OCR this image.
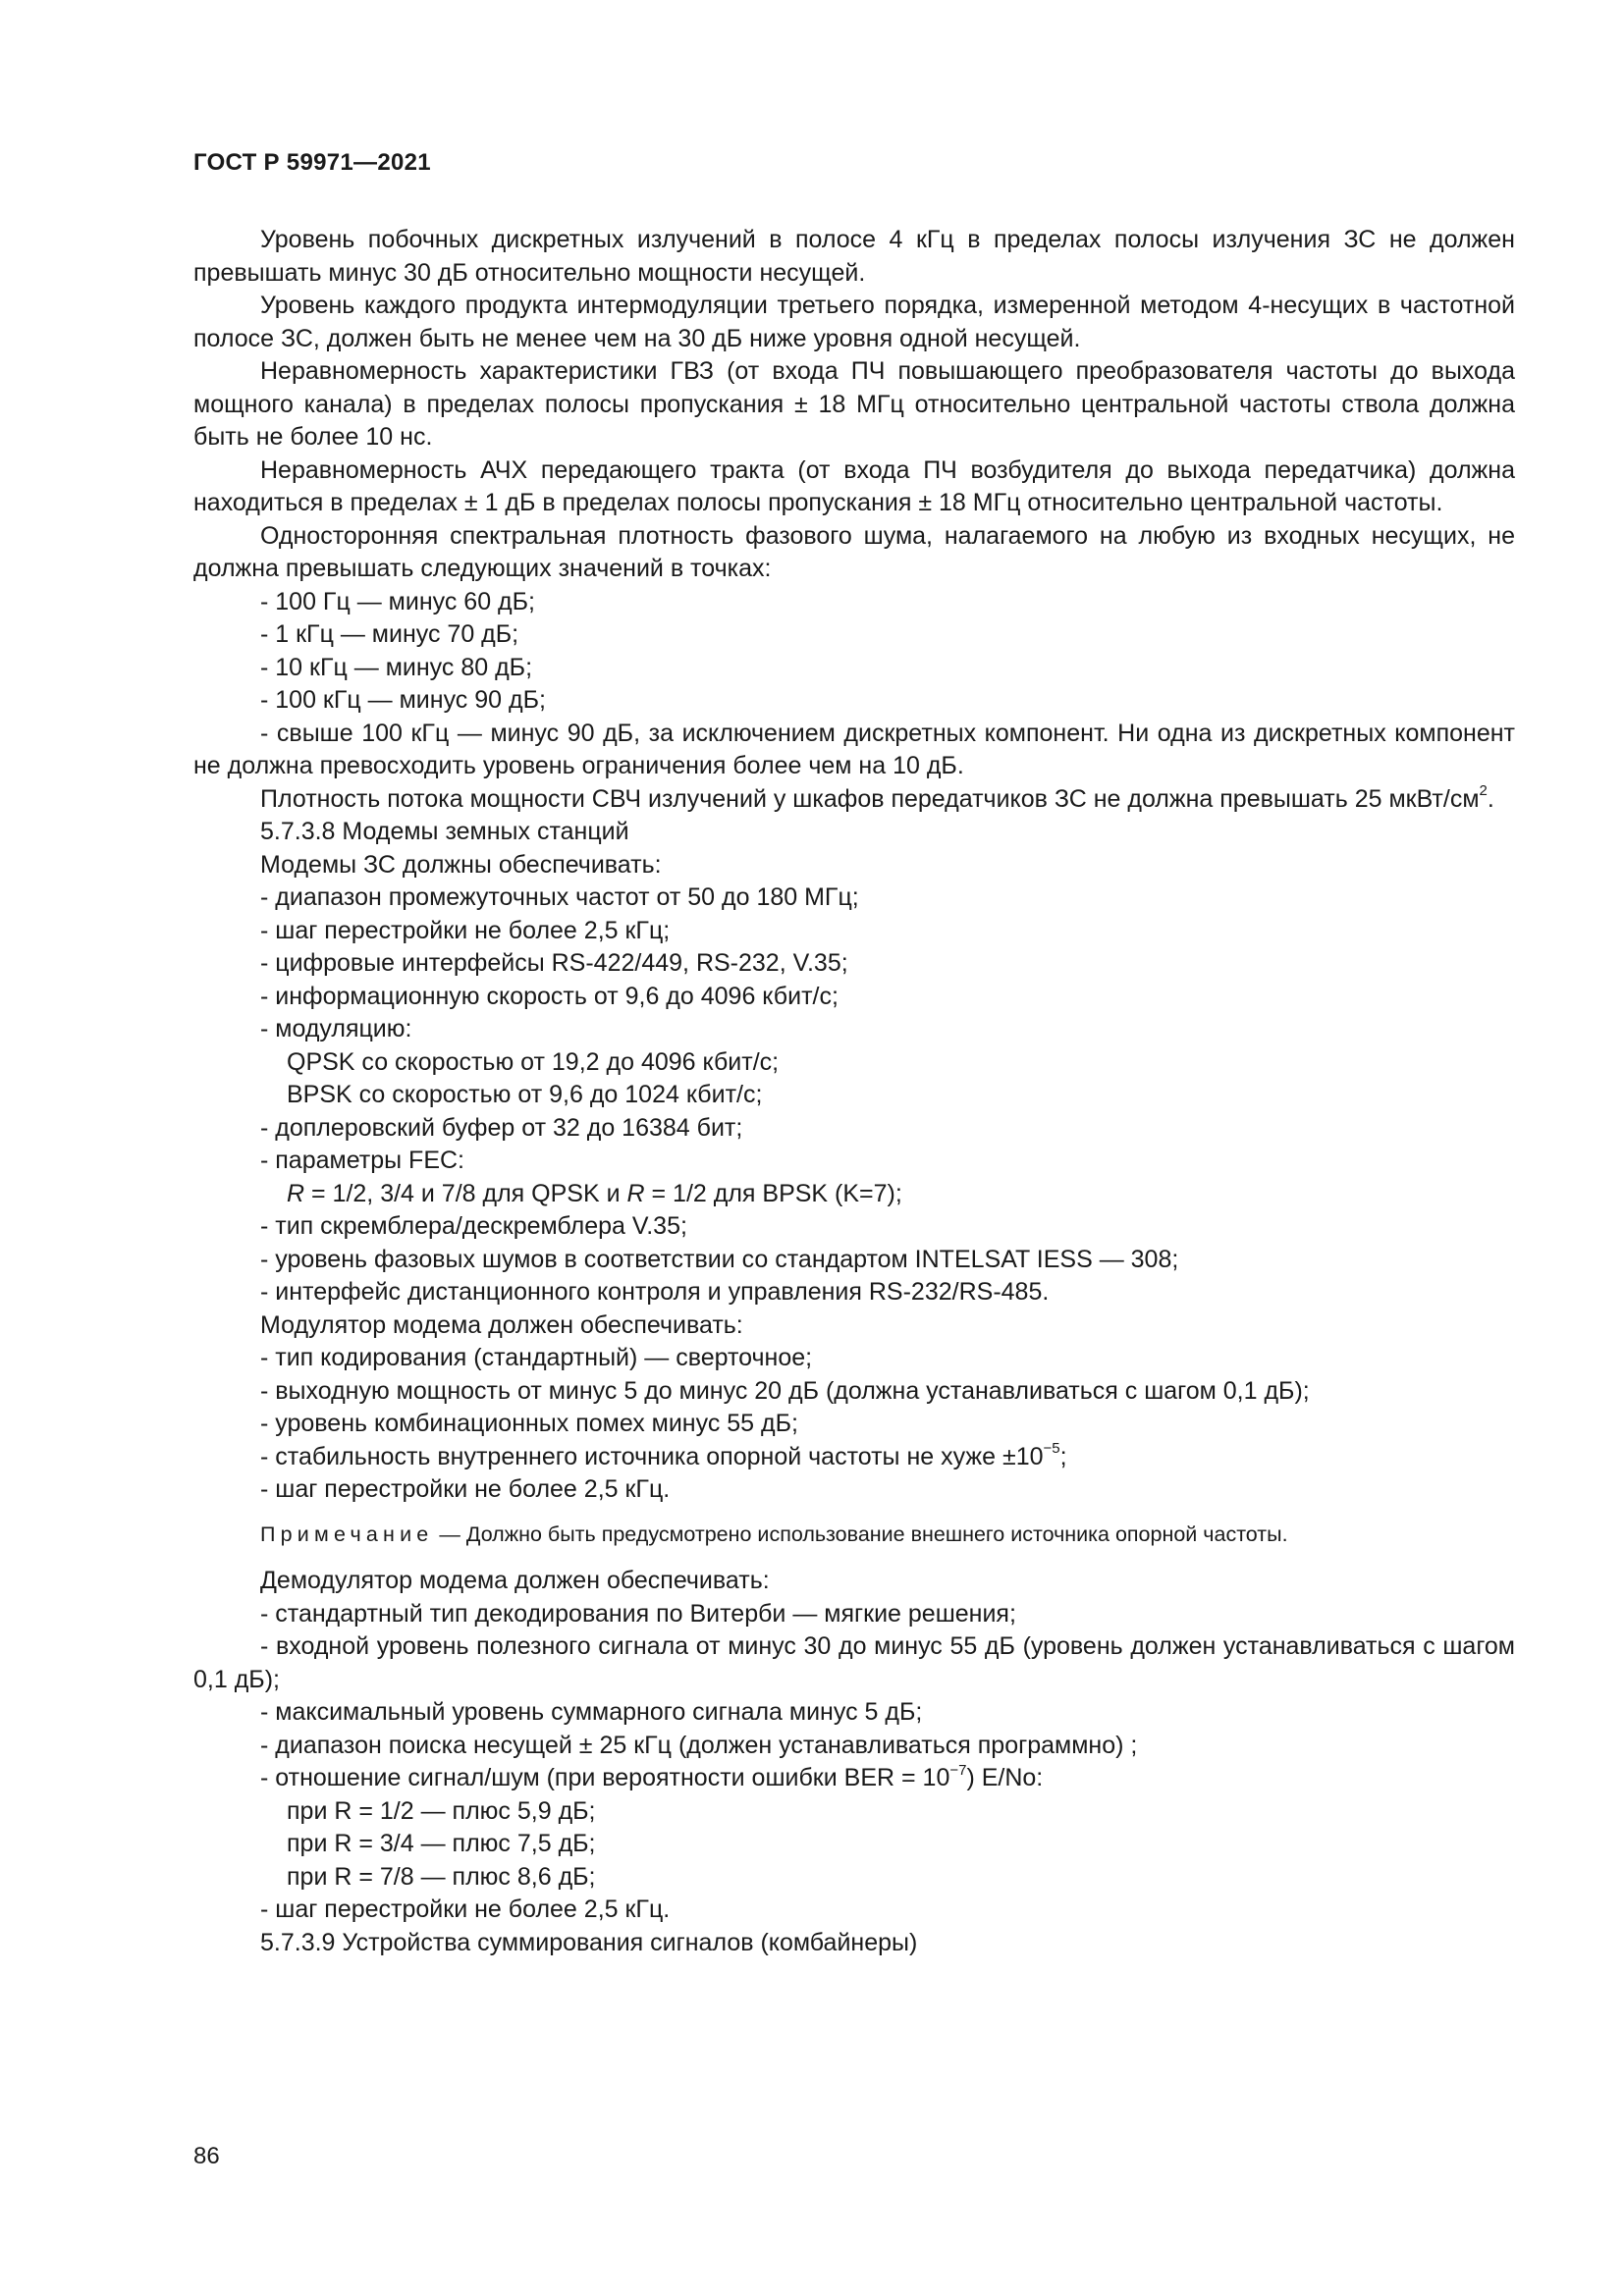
ГОСТ Р 59971—2021

Уровень побочных дискретных излучений в полосе 4 кГц в пределах полосы излучения ЗС не должен превышать минус 30 дБ относительно мощности несущей.

Уровень каждого продукта интермодуляции третьего порядка, измеренной методом 4-несущих в частотной полосе ЗС, должен быть не менее чем на 30 дБ ниже уровня одной несущей.

Неравномерность характеристики ГВЗ (от входа ПЧ повышающего преобразователя частоты до выхода мощного канала) в пределах полосы пропускания ± 18 МГц относительно центральной частоты ствола должна быть не более 10 нс.

Неравномерность АЧХ передающего тракта (от входа ПЧ возбудителя до выхода передатчика) должна находиться в пределах ± 1 дБ в пределах полосы пропускания ± 18 МГц относительно центральной частоты.

Односторонняя спектральная плотность фазового шума, налагаемого на любую из входных несущих, не должна превышать следующих значений в точках:

- 100 Гц — минус 60 дБ;

- 1 кГц — минус 70 дБ;

- 10 кГц — минус 80 дБ;

- 100 кГц — минус 90 дБ;

- свыше 100 кГц — минус 90 дБ, за исключением дискретных компонент. Ни одна из дискретных компонент не должна превосходить уровень ограничения более чем на 10 дБ.

Плотность потока мощности СВЧ излучений у шкафов передатчиков ЗС не должна превышать 25 мкВт/$см^2$.

5.7.3.8 Модемы земных станций

Модемы ЗС должны обеспечивать:

- диапазон промежуточных частот от 50 до 180 МГц;

- шаг перестройки не более 2,5 кГц;

- цифровые интерфейсы RS-422/449, RS-232, V.35;

- информационную скорость от 9,6 до 4096 кбит/с;

- модуляцию:

QPSK со скоростью от 19,2 до 4096 кбит/с;

BPSK со скоростью от 9,6 до 1024 кбит/с;

- доплеровский буфер от 32 до 16384 бит;

- параметры FEC:

R = 1/2, 3/4 и 7/8 для QPSK и R = 1/2 для BPSK (K=7);

- тип скремблера/дескремблера V.35;

- уровень фазовых шумов в соответствии со стандартом INTELSAT IESS — 308;

- интерфейс дистанционного контроля и управления RS-232/RS-485.

Модулятор модема должен обеспечивать:

- тип кодирования (стандартный) — сверточное;

- выходную мощность от минус 5 до минус 20 дБ (должна устанавливаться с шагом 0,1 дБ);

- уровень комбинационных помех минус 55 дБ;

- стабильность внутреннего источника опорной частоты не хуже $\pm 10^{-5}$;

- шаг перестройки не более 2,5 кГц.

Примечание — Должно быть предусмотрено использование внешнего источника опорной частоты.

Демодулятор модема должен обеспечивать:

- стандартный тип декодирования по Витерби — мягкие решения;

- входной уровень полезного сигнала от минус 30 до минус 55 дБ (уровень должен устанавливаться с шагом 0,1 дБ);

- максимальный уровень суммарного сигнала минус 5 дБ;

- диапазон поиска несущей ± 25 кГц (должен устанавливаться программно) ;

- отношение сигнал/шум (при вероятности ошибки BER = $10^{-7}$) E/No:

при R = 1/2 — плюс 5,9 дБ;

при R = 3/4 — плюс 7,5 дБ;

при R = 7/8 — плюс 8,6 дБ;

- шаг перестройки не более 2,5 кГц.

5.7.3.9 Устройства суммирования сигналов (комбайнеры)

86
